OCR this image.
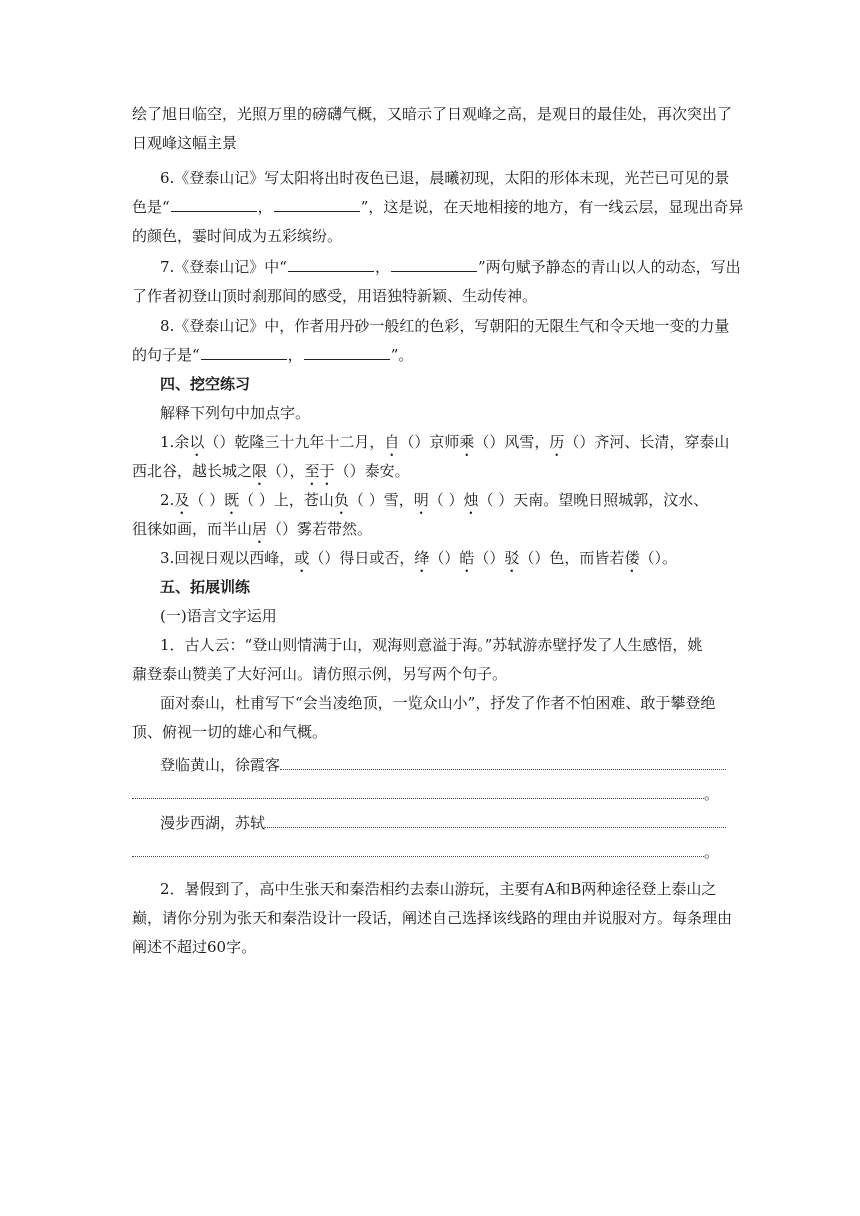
绘了旭日临空，光照万里的磅礴气概，又暗示了日观峰之高，是观日的最佳处，再次突出了
日观峰这幅主景
6.《登泰山记》写太阳将出时夜色已退，晨曦初现，太阳的形体未现，光芒已可见的景
色是“	，	”，这是说，在天地相接的地方，有一线云层，显现出奇异
的颜色，霎时间成为五彩缤纷。
7.《登泰山记》中“	，	”两句赋予静态的青山以人的动态，写出
了作者初登山顶时刹那间的感受，用语独特新颖、生动传神。
8.《登泰山记》中，作者用丹砂一般红的色彩，写朝阳的无限生气和令天地一变的力量
的句子是“	，	”。
四、挖空练习
解释下列句中加点字。
1.余以（）乾隆三十九年十二月，自（）京师乘（）风雪，历（）齐河、长清，穿泰山
西北谷，越长城之限（），至于（）泰安。
2.及（ ）既（ ）上，苍山负（ ）雪，明（ ）烛（ ）天南。望晚日照城郭，汶水、
徂徕如画，而半山居（）雾若带然。
3.回视日观以西峰，或（）得日或否，绛（）皓（）驳（）色，而皆若偻（）。
五、拓展训练
(一)语言文字运用
1．古人云：“登山则情满于山，观海则意溢于海。”苏轼游赤壁抒发了人生感悟，姚
鼐登泰山赞美了大好河山。请仿照示例，另写两个句子。
面对泰山，杜甫写下“会当凌绝顶，一览众山小”，抒发了作者不怕困难、敢于攀登绝
顶、俯视一切的雄心和气概。
登临黄山，徐霞客
。
漫步西湖，苏轼
。
2．暑假到了，高中生张天和秦浩相约去泰山游玩，主要有A和B两种途径登上泰山之
巅，请你分别为张天和秦浩设计一段话，阐述自己选择该线路的理由并说服对方。每条理由
阐述不超过60字。
